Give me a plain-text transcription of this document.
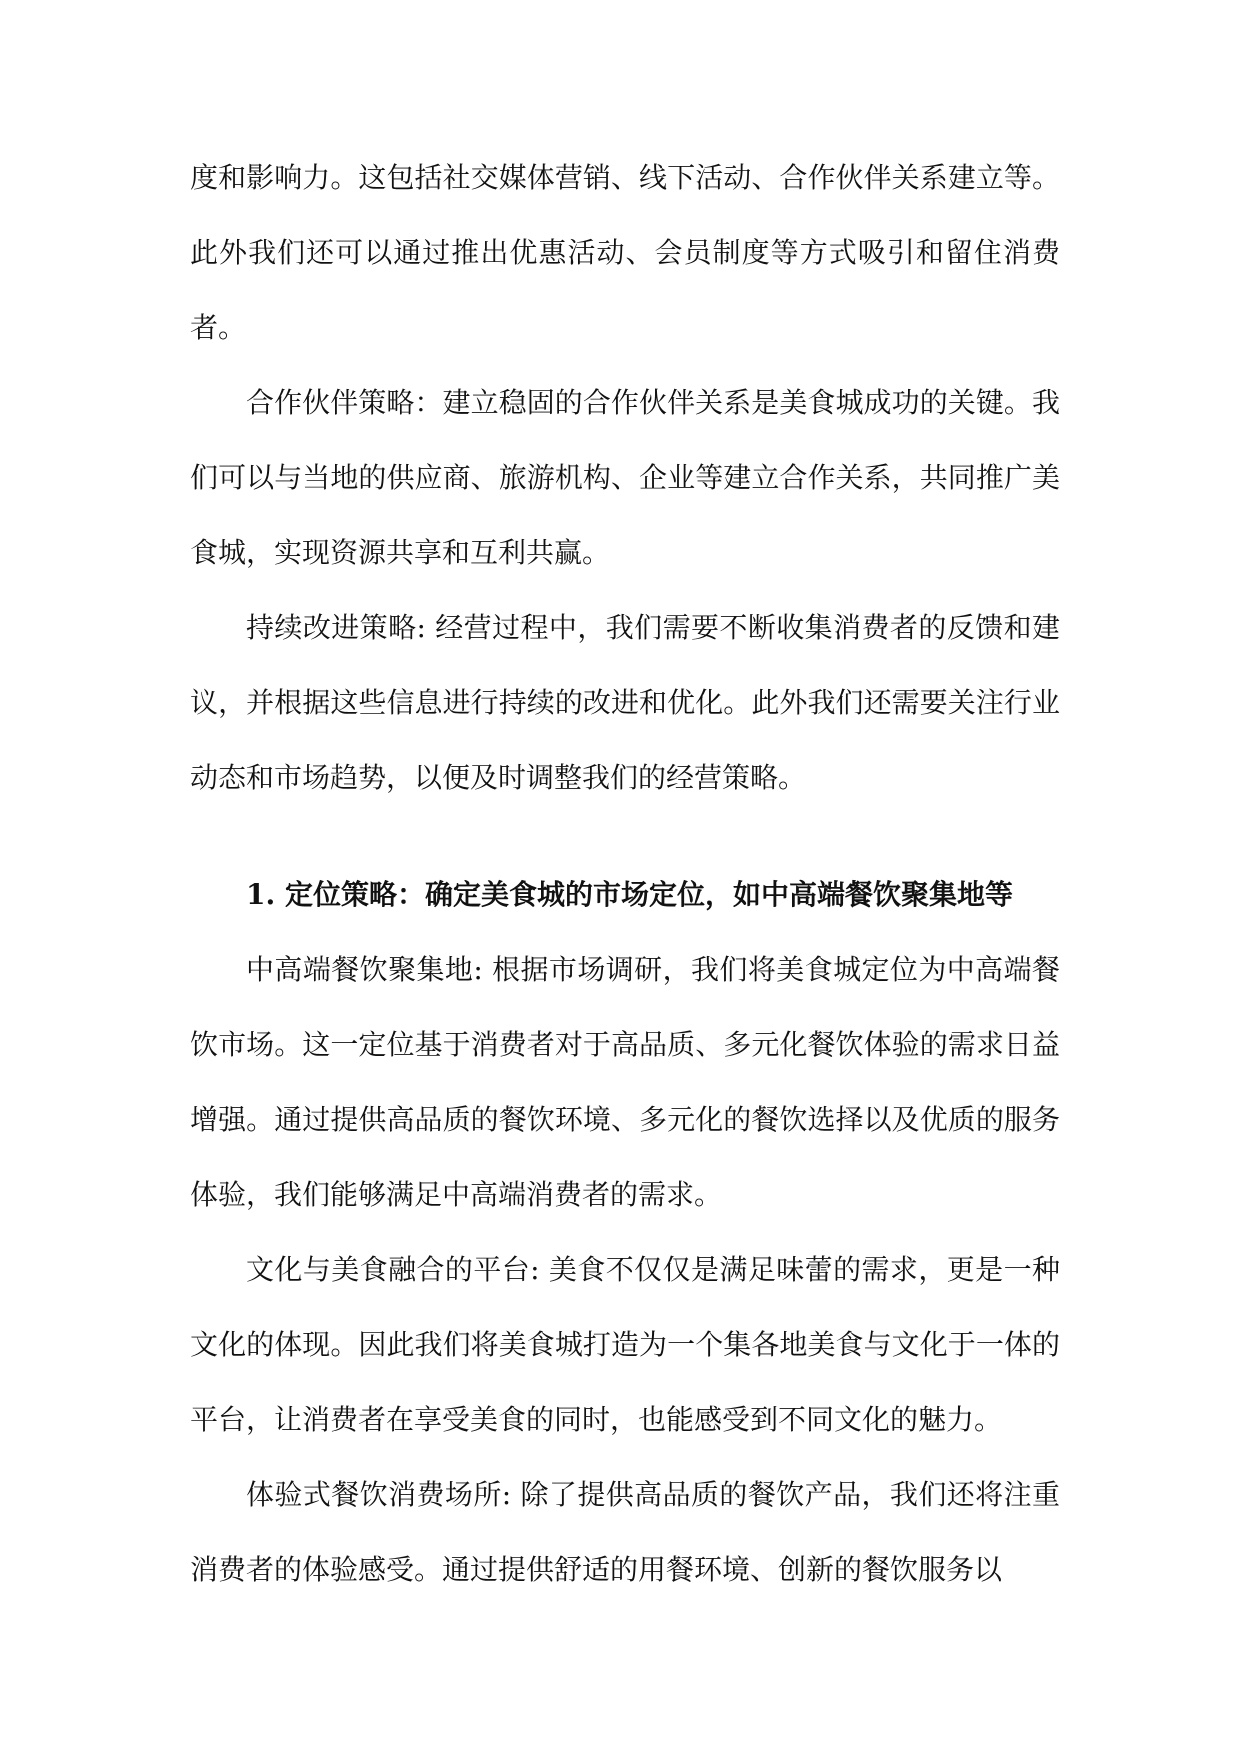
度和影响力。这包括社交媒体营销、线下活动、合作伙伴关系建立等。此外我们还可以通过推出优惠活动、会员制度等方式吸引和留住消费者。

合作伙伴策略：建立稳固的合作伙伴关系是美食城成功的关键。我们可以与当地的供应商、旅游机构、企业等建立合作关系，共同推广美食城，实现资源共享和互利共赢。

持续改进策略: 经营过程中，我们需要不断收集消费者的反馈和建议，并根据这些信息进行持续的改进和优化。此外我们还需要关注行业动态和市场趋势，以便及时调整我们的经营策略。

1. 定位策略：确定美食城的市场定位，如中高端餐饮聚集地等

中高端餐饮聚集地: 根据市场调研，我们将美食城定位为中高端餐饮市场。这一定位基于消费者对于高品质、多元化餐饮体验的需求日益增强。通过提供高品质的餐饮环境、多元化的餐饮选择以及优质的服务体验，我们能够满足中高端消费者的需求。

文化与美食融合的平台: 美食不仅仅是满足味蕾的需求，更是一种文化的体现。因此我们将美食城打造为一个集各地美食与文化于一体的平台，让消费者在享受美食的同时，也能感受到不同文化的魅力。

体验式餐饮消费场所: 除了提供高品质的餐饮产品，我们还将注重消费者的体验感受。通过提供舒适的用餐环境、创新的餐饮服务以
